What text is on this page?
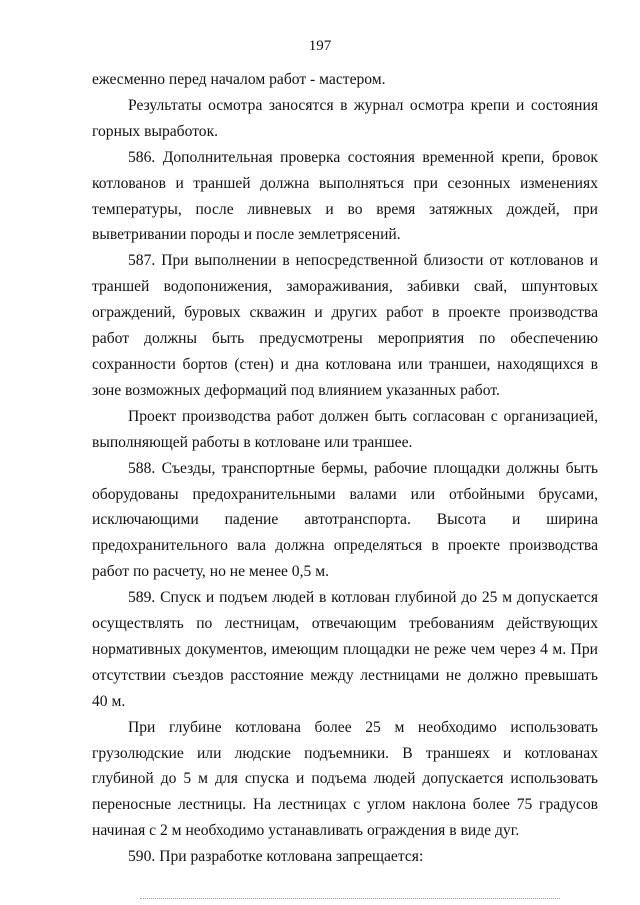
197

ежесменно перед началом работ - мастером.

Результаты осмотра заносятся в журнал осмотра крепи и состояния горных выработок.

586. Дополнительная проверка состояния временной крепи, бровок котлованов и траншей должна выполняться при сезонных изменениях температуры, после ливневых и во время затяжных дождей, при выветривании породы и после землетрясений.

587. При выполнении в непосредственной близости от котлованов и траншей водопонижения, замораживания, забивки свай, шпунтовых ограждений, буровых скважин и других работ в проекте производства работ должны быть предусмотрены мероприятия по обеспечению сохранности бортов (стен) и дна котлована или траншеи, находящихся в зоне возможных деформаций под влиянием указанных работ.

Проект производства работ должен быть согласован с организацией, выполняющей работы в котловане или траншее.

588. Съезды, транспортные бермы, рабочие площадки должны быть оборудованы предохранительными валами или отбойными брусами, исключающими падение автотранспорта. Высота и ширина предохранительного вала должна определяться в проекте производства работ по расчету, но не менее 0,5 м.

589. Спуск и подъем людей в котлован глубиной до 25 м допускается осуществлять по лестницам, отвечающим требованиям действующих нормативных документов, имеющим площадки не реже чем через 4 м. При отсутствии съездов расстояние между лестницами не должно превышать 40 м.

При глубине котлована более 25 м необходимо использовать грузолюдские или людские подъемники. В траншеях и котлованах глубиной до 5 м для спуска и подъема людей допускается использовать переносные лестницы. На лестницах с углом наклона более 75 градусов начиная с 2 м необходимо устанавливать ограждения в виде дуг.

590. При разработке котлована запрещается:
